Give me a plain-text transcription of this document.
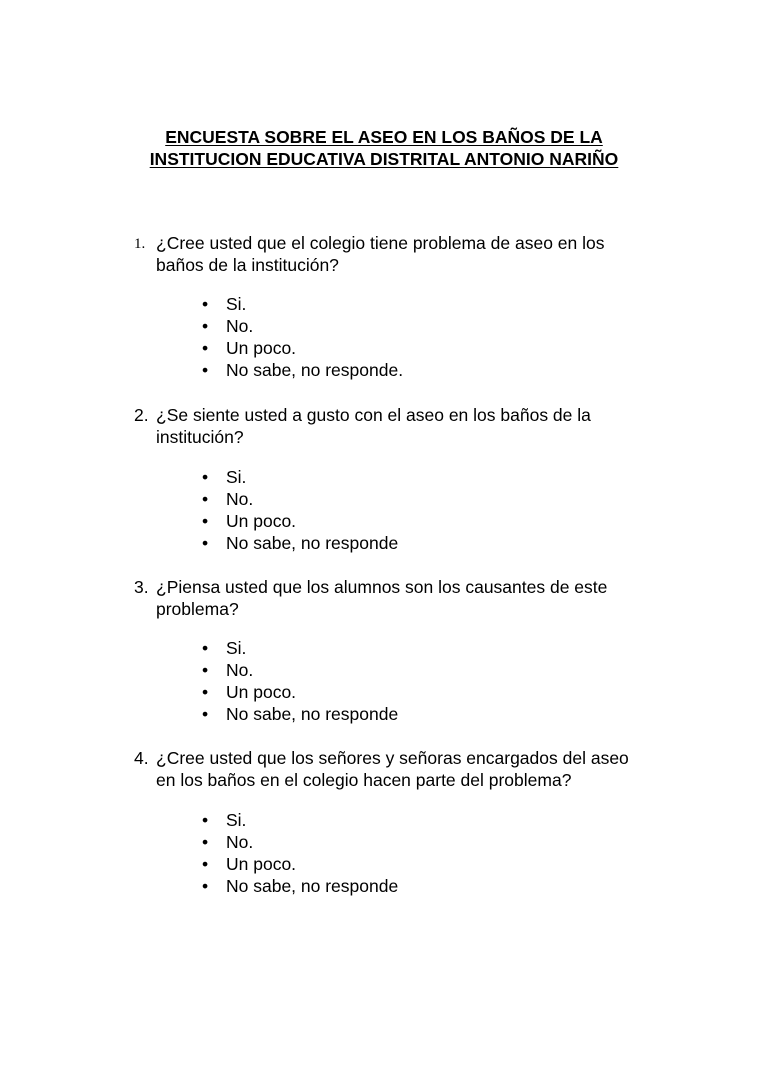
ENCUESTA SOBRE EL ASEO EN LOS BAÑOS DE LA
INSTITUCION EDUCATIVA DISTRITAL ANTONIO NARIÑO
1. ¿Cree usted que el colegio tiene problema de aseo en los
baños de la institución?
• Si.
• No.
• Un poco.
• No sabe, no responde.
2. ¿Se siente usted a gusto con el aseo en los baños de la
institución?
• Si.
• No.
• Un poco.
• No sabe, no responde
3. ¿Piensa usted que los alumnos son los causantes de este
problema?
• Si.
• No.
• Un poco.
• No sabe, no responde
4. ¿Cree usted que los señores y señoras encargados del aseo
en los baños en el colegio hacen parte del problema?
• Si.
• No.
• Un poco.
• No sabe, no responde
